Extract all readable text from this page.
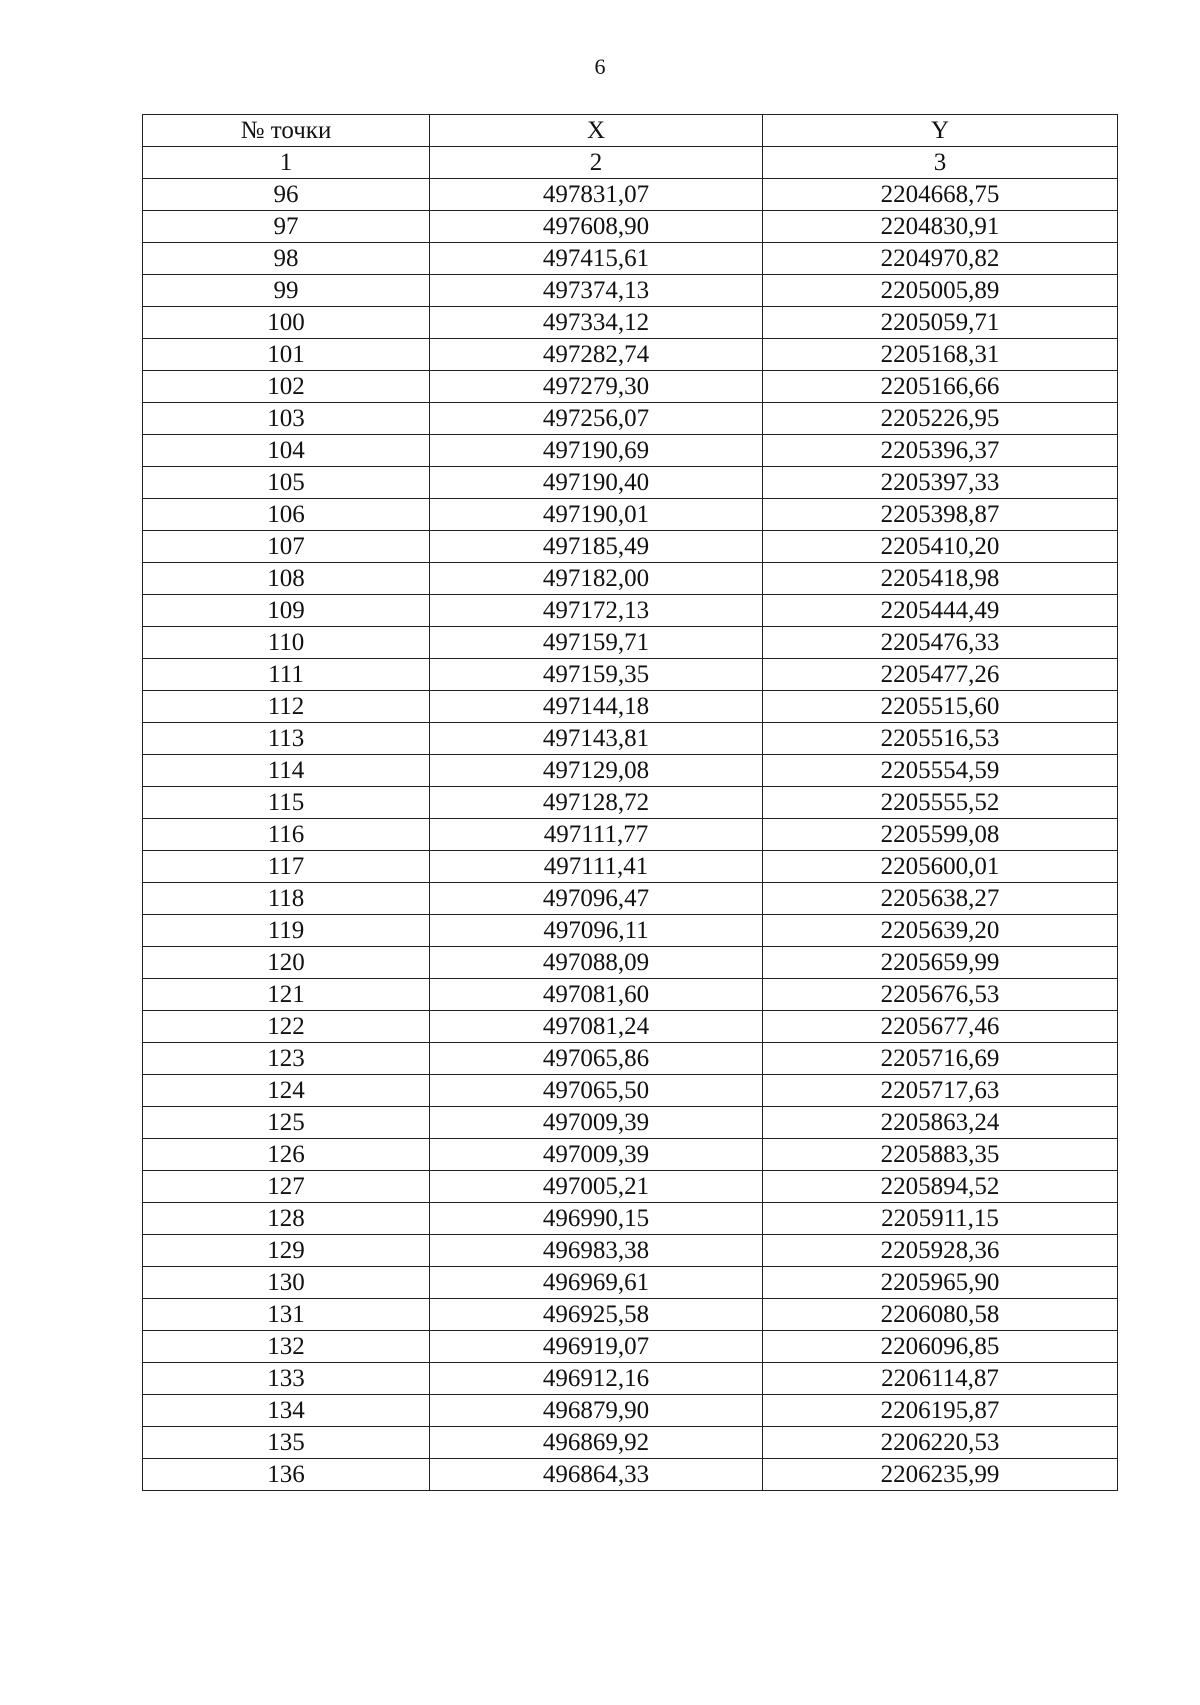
6
№ точки	X	Y
1	2	3
96	497831,07	2204668,75
97	497608,90	2204830,91
98	497415,61	2204970,82
99	497374,13	2205005,89
100	497334,12	2205059,71
101	497282,74	2205168,31
102	497279,30	2205166,66
103	497256,07	2205226,95
104	497190,69	2205396,37
105	497190,40	2205397,33
106	497190,01	2205398,87
107	497185,49	2205410,20
108	497182,00	2205418,98
109	497172,13	2205444,49
110	497159,71	2205476,33
111	497159,35	2205477,26
112	497144,18	2205515,60
113	497143,81	2205516,53
114	497129,08	2205554,59
115	497128,72	2205555,52
116	497111,77	2205599,08
117	497111,41	2205600,01
118	497096,47	2205638,27
119	497096,11	2205639,20
120	497088,09	2205659,99
121	497081,60	2205676,53
122	497081,24	2205677,46
123	497065,86	2205716,69
124	497065,50	2205717,63
125	497009,39	2205863,24
126	497009,39	2205883,35
127	497005,21	2205894,52
128	496990,15	2205911,15
129	496983,38	2205928,36
130	496969,61	2205965,90
131	496925,58	2206080,58
132	496919,07	2206096,85
133	496912,16	2206114,87
134	496879,90	2206195,87
135	496869,92	2206220,53
136	496864,33	2206235,99
